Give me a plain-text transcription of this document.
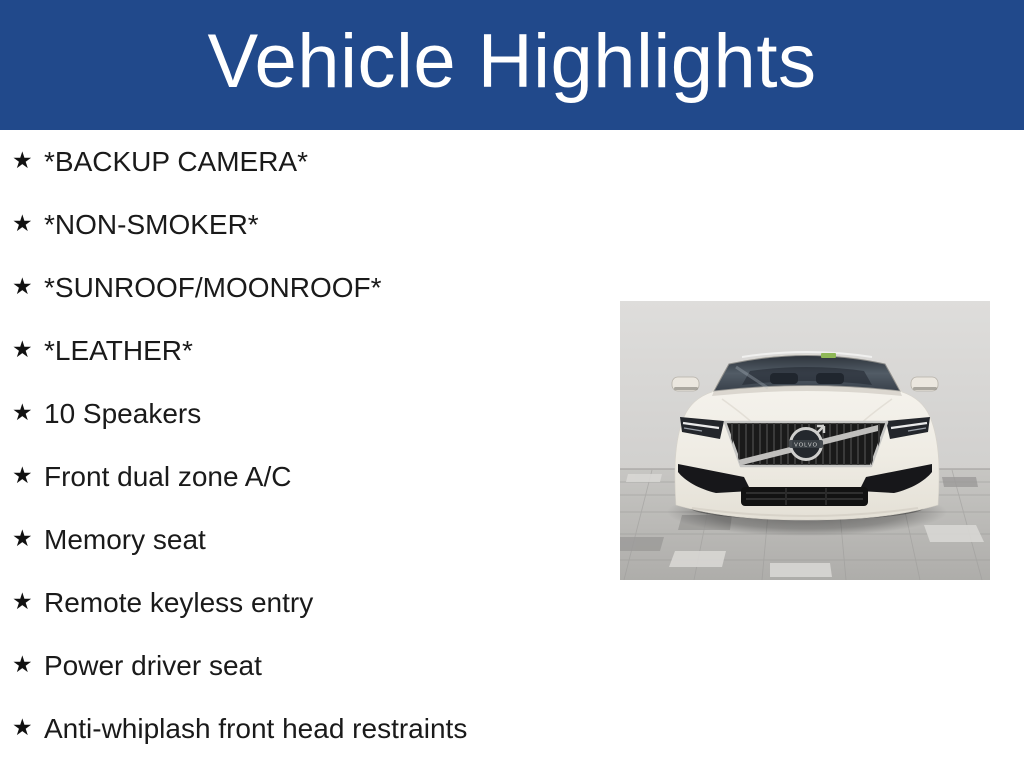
Vehicle Highlights
★ *BACKUP CAMERA*
★ *NON-SMOKER*
★ *SUNROOF/MOONROOF*
★ *LEATHER*
★ 10 Speakers
★ Front dual zone A/C
★ Memory seat
★ Remote keyless entry
★ Power driver seat
★ Anti-whiplash front head restraints
VOLVO
